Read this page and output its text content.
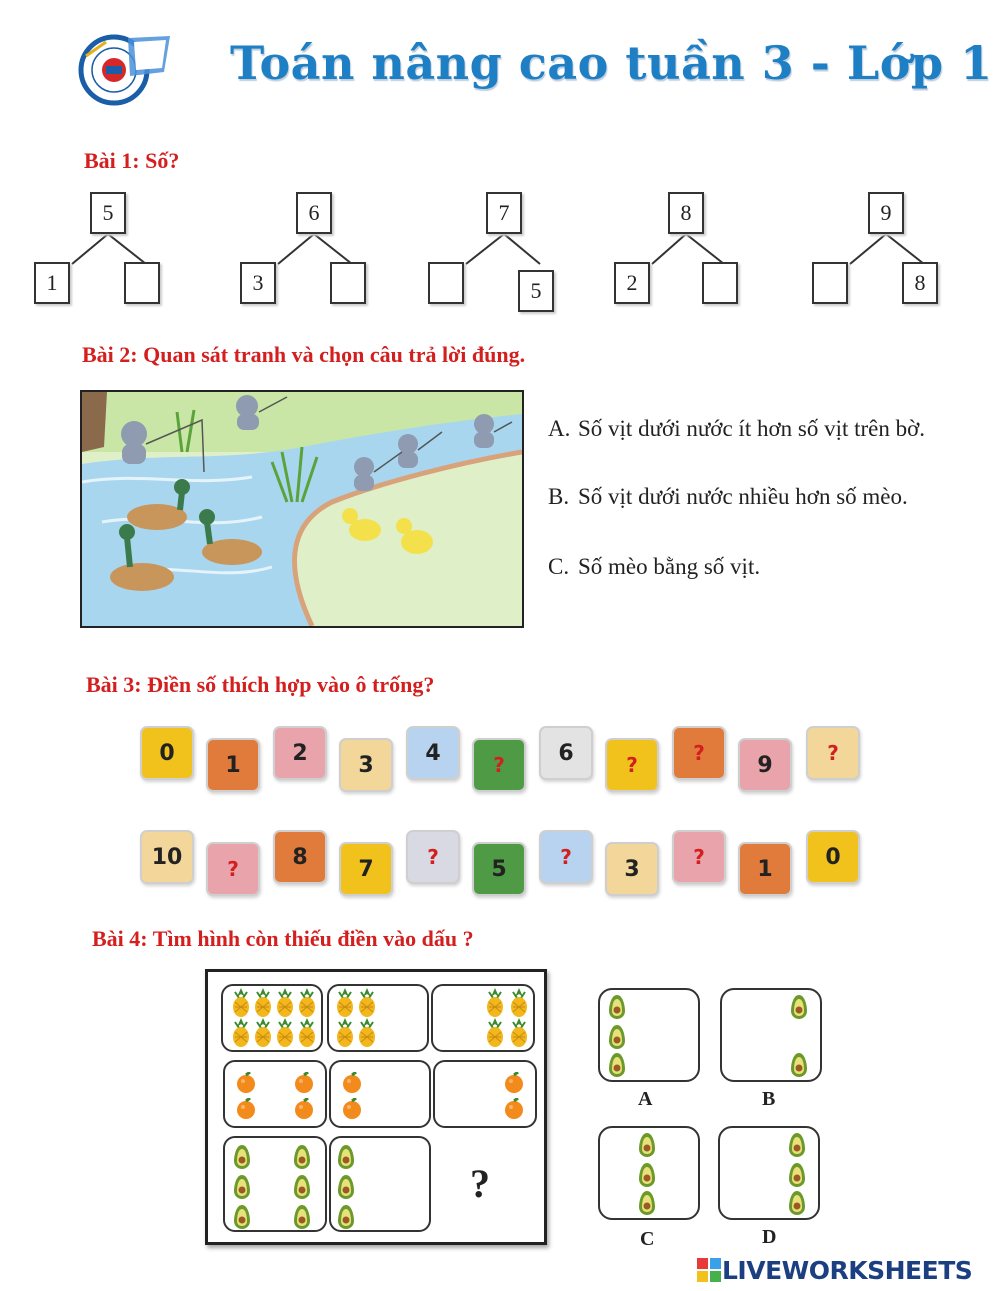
Toán nâng cao tuần 3 - Lớp 1
Bài 1: Số?
5
1
6
3
7
5
8
2
9
8
Bài 2: Quan sát tranh và chọn câu trả lời đúng.
A. Số vịt dưới nước ít hơn số vịt trên bờ.
B. Số vịt dưới nước nhiều hơn số mèo.
C. Số mèo bằng số vịt.
Bài 3: Điền số thích hợp vào ô trống?
0	1	2	3	4	?	6	?	?	9	?
10	?	8	7	?	5	?	3	?	1	0
Bài 4: Tìm hình còn thiếu điền vào dấu ?
?
A	B
C	D
LIVEWORKSHEETS
